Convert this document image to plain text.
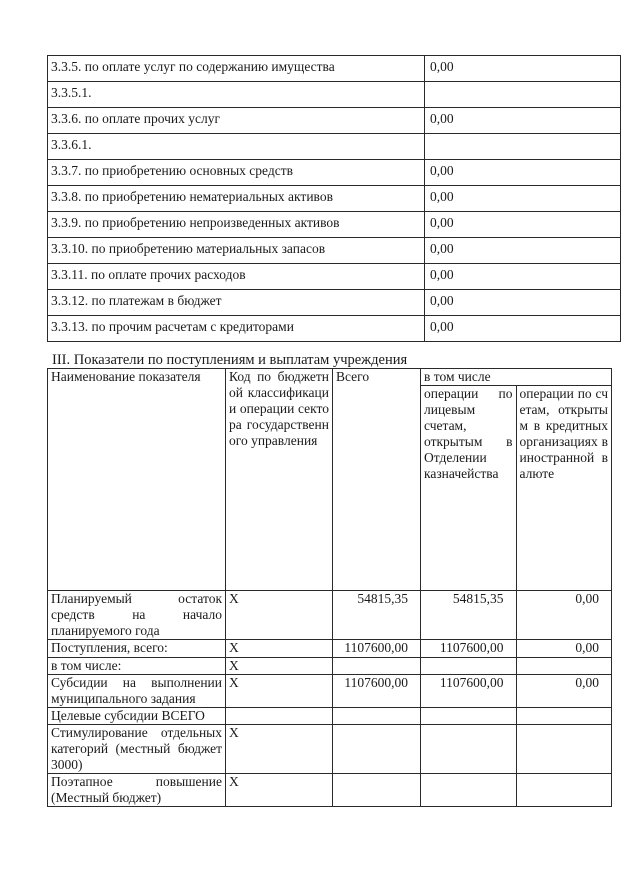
3.3.5. по оплате услуг по содержанию имущества	0,00
3.3.5.1.	
3.3.6. по оплате прочих услуг	0,00
3.3.6.1.	
3.3.7. по приобретению основных средств	0,00
3.3.8. по приобретению нематериальных активов	0,00
3.3.9. по приобретению непроизведенных активов	0,00
3.3.10. по приобретению материальных запасов	0,00
3.3.11. по оплате прочих расходов	0,00
3.3.12. по платежам в бюджет	0,00
3.3.13. по прочим расчетам с кредиторами	0,00
III. Показатели по поступлениям и выплатам учреждения
Наименование показателя	Код по бюджетной классификации операции сектора государственного управления	Всего	в том числе	
			операции по лицевым счетам, открытым в Отделении казначейства	операции по счетам, открытым в кредитных организациях в иностранной валюте
Планируемый остаток средств на начало планируемого года	X	54815,35	54815,35	0,00
Поступления, всего:	X	1107600,00	1107600,00	0,00
в том числе:	X			
Субсидии на выполнении муниципального задания	X	1107600,00	1107600,00	0,00
Целевые субсидии ВСЕГО				
Стимулирование отдельных категорий (местный бюджет 3000)	X			
Поэтапное повышение (Местный бюджет)	X			
